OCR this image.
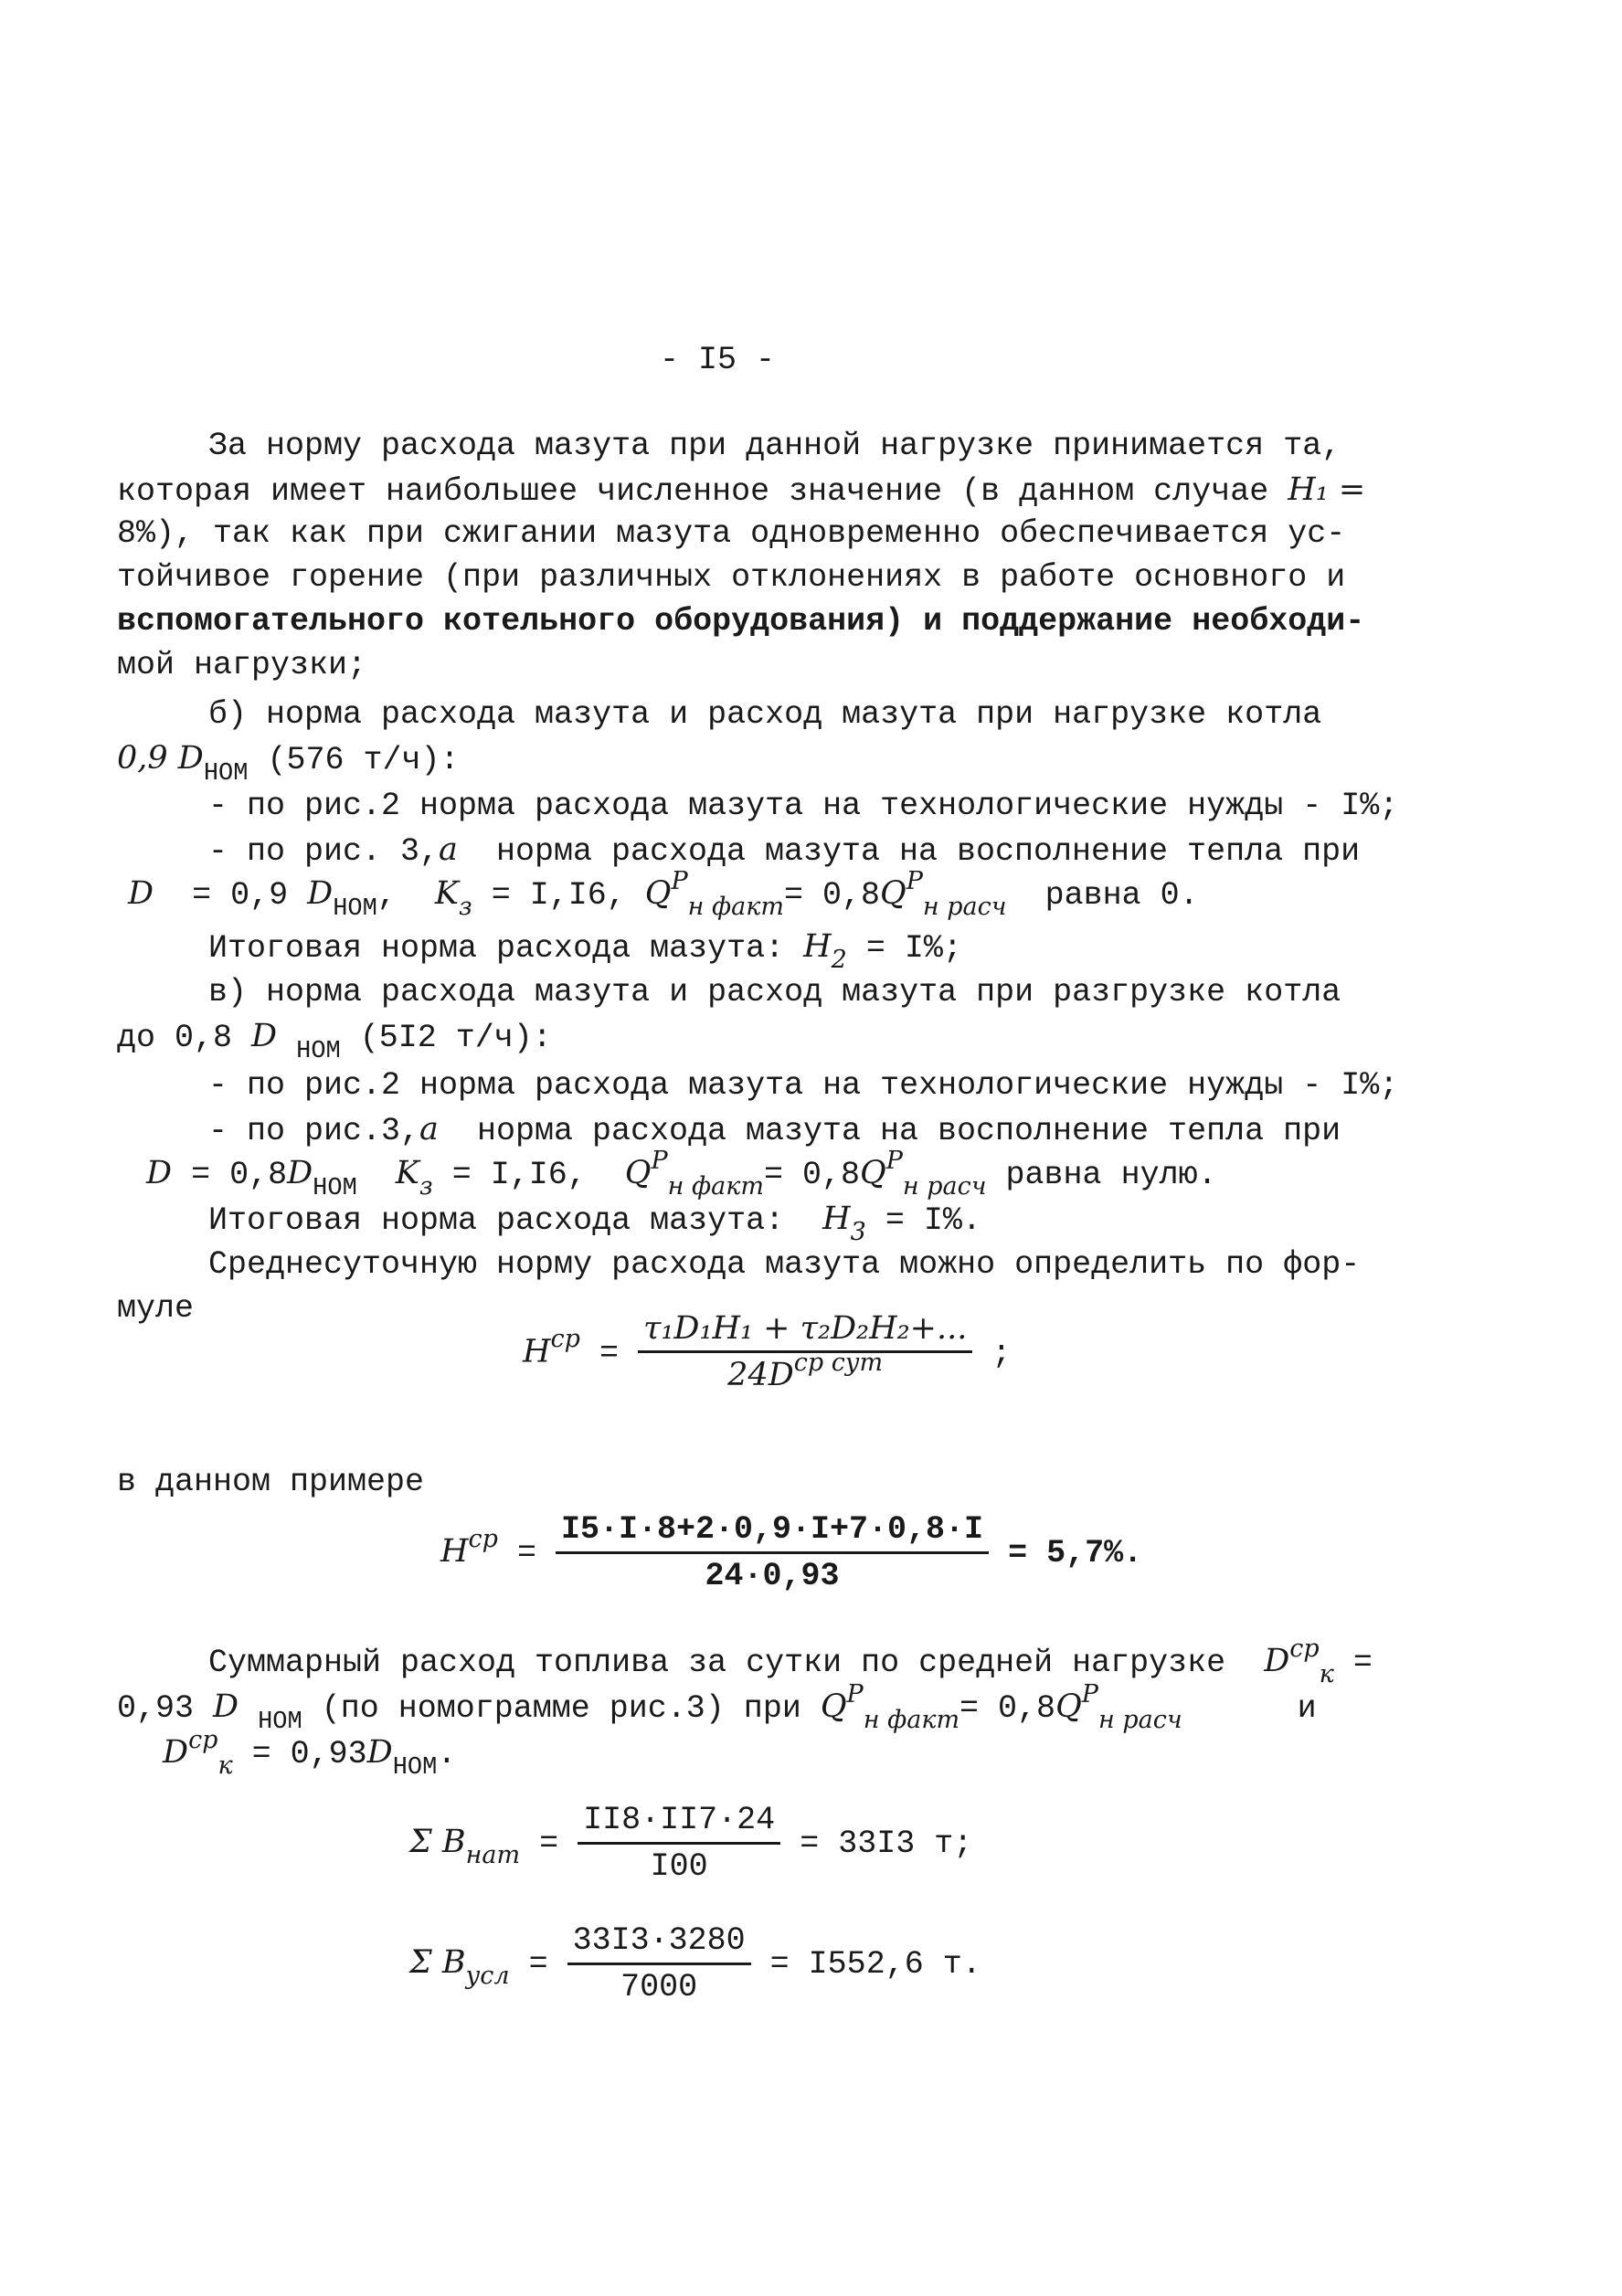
- I5 -
За норму расхода мазута при данной нагрузке принимается та,
которая имеет наибольшее численное значение (в данном случае H₁ =
8%), так как при сжигании мазута одновременно обеспечивается ус-
тойчивое горение (при различных отклонениях в работе основного и
вспомогательного котельного оборудования) и поддержание необходи-
мой нагрузки;
б) норма расхода мазута и расход мазута при нагрузке котла
0,9 $D_{НОМ}$ (576 т/ч):
- по рис.2 норма расхода мазута на технологические нужды - I%;
- по рис. 3,a норма расхода мазута на восполнение тепла при
D = 0,9 $D_{НОМ}$, $K_з = I,I6$, $Q^P_{н факт}= 0,8Q^P_{н расч}$ равна 0.
Итоговая норма расхода мазута: $H_2 = I\%$;
в) норма расхода мазута и расход мазута при разгрузке котла
до 0,8 D $_{НОМ}$ (5I2 т/ч):
- по рис.2 норма расхода мазута на технологические нужды - I%;
- по рис.3,a норма расхода мазута на восполнение тепла при
$D = 0,8D_{НОМ}$ $K_з = I,I6$, $Q^P_{н факт}= 0,8Q^P_{н расч}$ равна нулю.
Итоговая норма расхода мазута: $H_3 = I\%$.
Среднесуточную норму расхода мазута можно определить по фор-
муле
$H^{cp} = \frac{\text{τ₁D₁H₁ + τ₂D₂H₂+...}}{24D^{cp сут}}$ ;
в данном примере
$H^{cp} = \frac{I5\cdot I\cdot 8+2\cdot 0,9\cdot I+7\cdot 0,8\cdot I}{24\cdot 0,93} = 5,7\%$.
Суммарный расход топлива за сутки по средней нагрузке $D^{cp}_к$ =
0,93 D $_{НОМ}$ (по номограмме рис.3) при $Q^P_{н факт}= 0,8Q^P_{н расч}$	и
$D^{cp}_к = 0,93D_{НОМ}$.
Σ $B_{нат} = \frac{II8\cdot II7\cdot 24}{I00} = 33I3$ т;
Σ $B_{усл} = \frac{33I3\cdot 3280}{7000} = I552,6$ т.
